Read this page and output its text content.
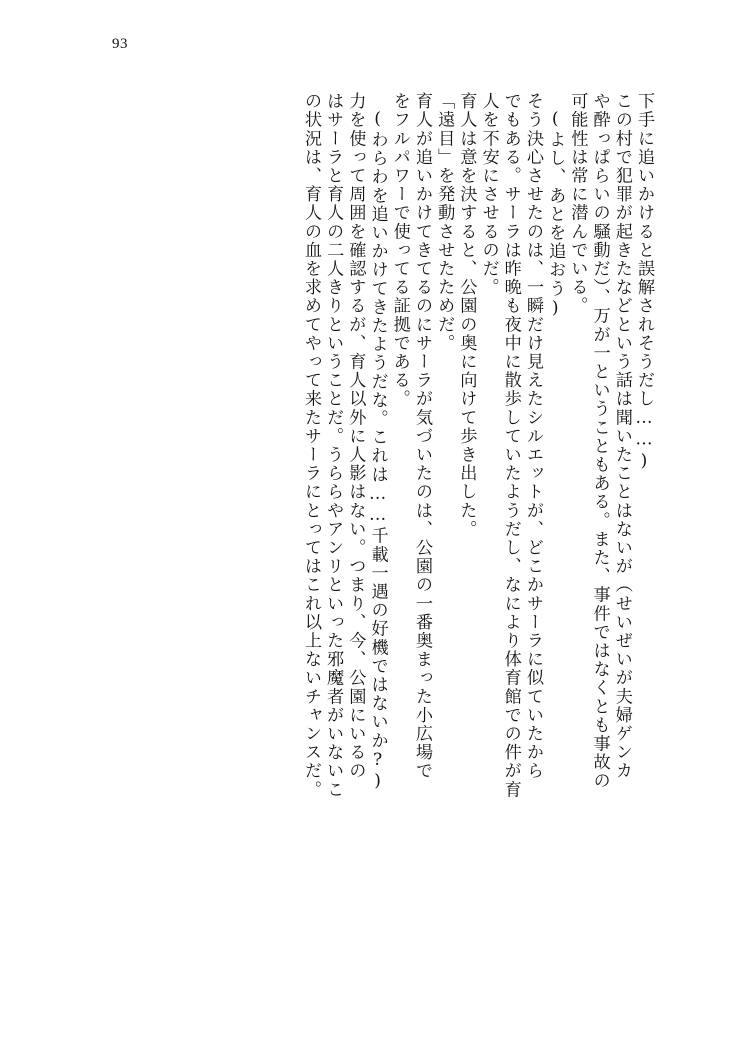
93
下手に追いかけると誤解されそうだし……)
この村で犯罪が起きたなどという話は聞いたことはないが（せいぜいが夫婦ゲンカ
や酔っぱらいの騒動だ）、万が一ということもある。また、事件ではなくとも事故の
可能性は常に潜んでいる。
(よし、あとを追おう)
そう決心させたのは、一瞬だけ見えたシルエットが、どこかサーラに似ていたから
でもある。サーラは昨晩も夜中に散歩していたようだし、なにより体育館での件が育
人を不安にさせるのだ。
育人は意を決すると、公園の奥に向けて歩き出した。
「遠目」を発動させたためだ。
育人が追いかけてきてるのにサーラが気づいたのは、公園の一番奥まった小広場で
をフルパワーで使ってる証拠である。
(わらわを追いかけてきたようだな。これは……千載一遇の好機ではないか?)
力を使って周囲を確認するが、育人以外に人影はない。つまり、今、公園にいるの
はサーラと育人の二人きりということだ。うららやアンリといった邪魔者がいないこ
の状況は、育人の血を求めてやって来たサーラにとってはこれ以上ないチャンスだ。
